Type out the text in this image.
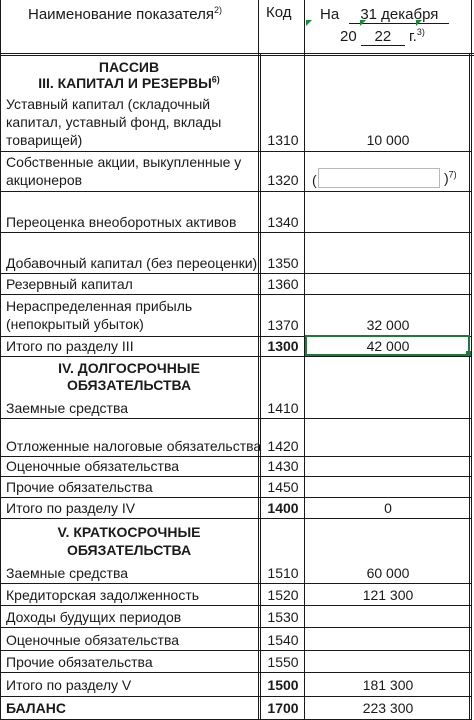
Наименование показателя$^{2)}$	Код На 31 декабря
20 22 г.$^{3)}$
ПАССИВ
III. КАПИТАЛ И РЕЗЕРВЫ$^{6)}$
Уставный капитал (складочный
капитал, уставный фонд, вклады
товарищей)	1310	10 000
Собственные акции, выкупленные у
акционеров	1320 (	)$^{7)}$
Переоценка внеоборотных активов	1340
Добавочный капитал (без переоценки) 1350
Резервный капитал	1360
Нераспределенная прибыль
(непокрытый убыток)	1370	32 000
Итого по разделу III	1300	42 000
IV. ДОЛГОСРОЧНЫЕ
ОБЯЗАТЕЛЬСТВА
Заемные средства	1410
Отложенные налоговые обязательства 1420
Оценочные обязательства	1430
Прочие обязательства	1450
Итого по разделу IV	1400	0
V. КРАТКОСРОЧНЫЕ
ОБЯЗАТЕЛЬСТВА
Заемные средства	1510	60 000
Кредиторская задолженность	1520	121 300
Доходы будущих периодов	1530
Оценочные обязательства	1540
Прочие обязательства	1550
Итого по разделу V	1500	181 300
БАЛАНС	1700	223 300
